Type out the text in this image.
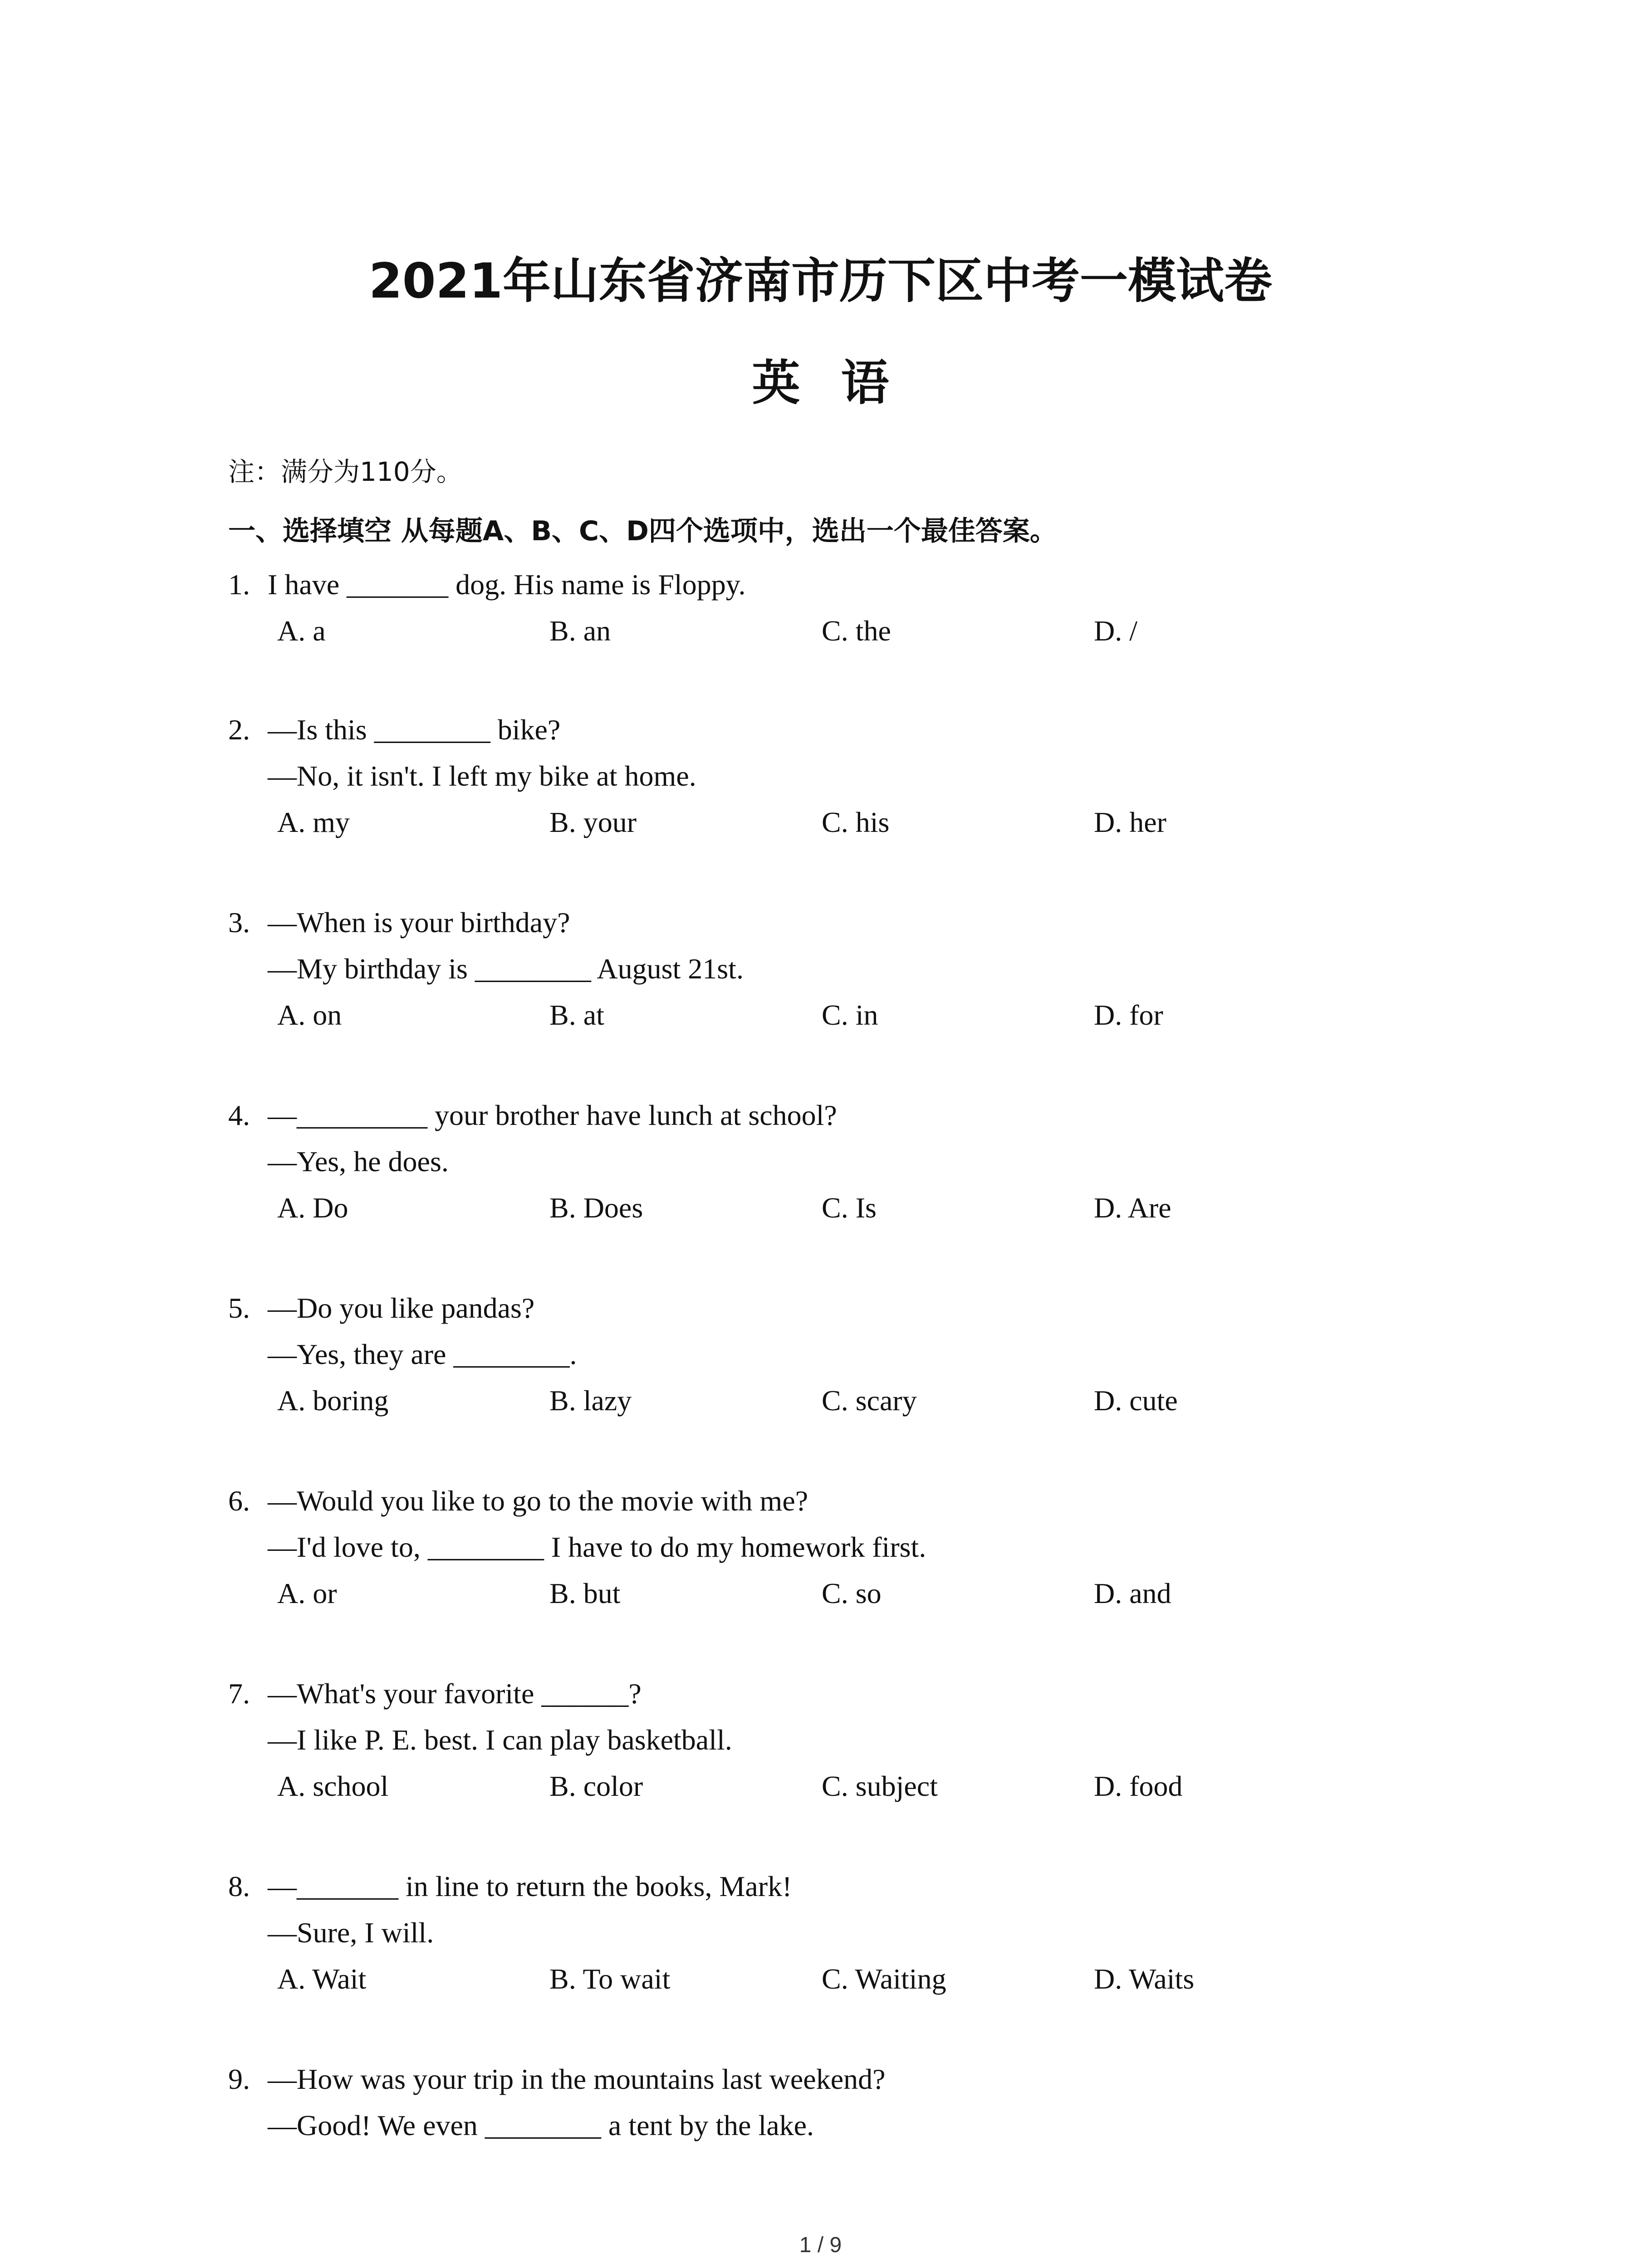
2021年山东省济南市历下区中考一模试卷
英语
注：满分为110分。
一、选择填空 从每题A、B、C、D四个选项中，选出一个最佳答案。

1.

I have _______ dog. His name is Floppy.

A. a	B. an	C. the	D. /

2.

—Is this ________ bike?

—No, it isn't. I left my bike at home.

A. my	B. your	C. his	D. her

3.

—When is your birthday?

—My birthday is ________ August 21st.

A. on	B. at	C. in	D. for

4.

—_________ your brother have lunch at school?

—Yes, he does.

A. Do	B. Does	C. Is	D. Are

5.

—Do you like pandas?

—Yes, they are ________.

A. boring	B. lazy	C. scary	D. cute

6.

—Would you like to go to the movie with me?

—I'd love to, ________ I have to do my homework first.

A. or	B. but	C. so	D. and

7.

—What's your favorite ______?

—I like P. E. best. I can play basketball.

A. school	B. color	C. subject	D. food

8.

—_______ in line to return the books, Mark!

—Sure, I will.

A. Wait	B. To wait	C. Waiting	D. Waits

9.

—How was your trip in the mountains last weekend?

—Good! We even ________ a tent by the lake.

1 / 9
